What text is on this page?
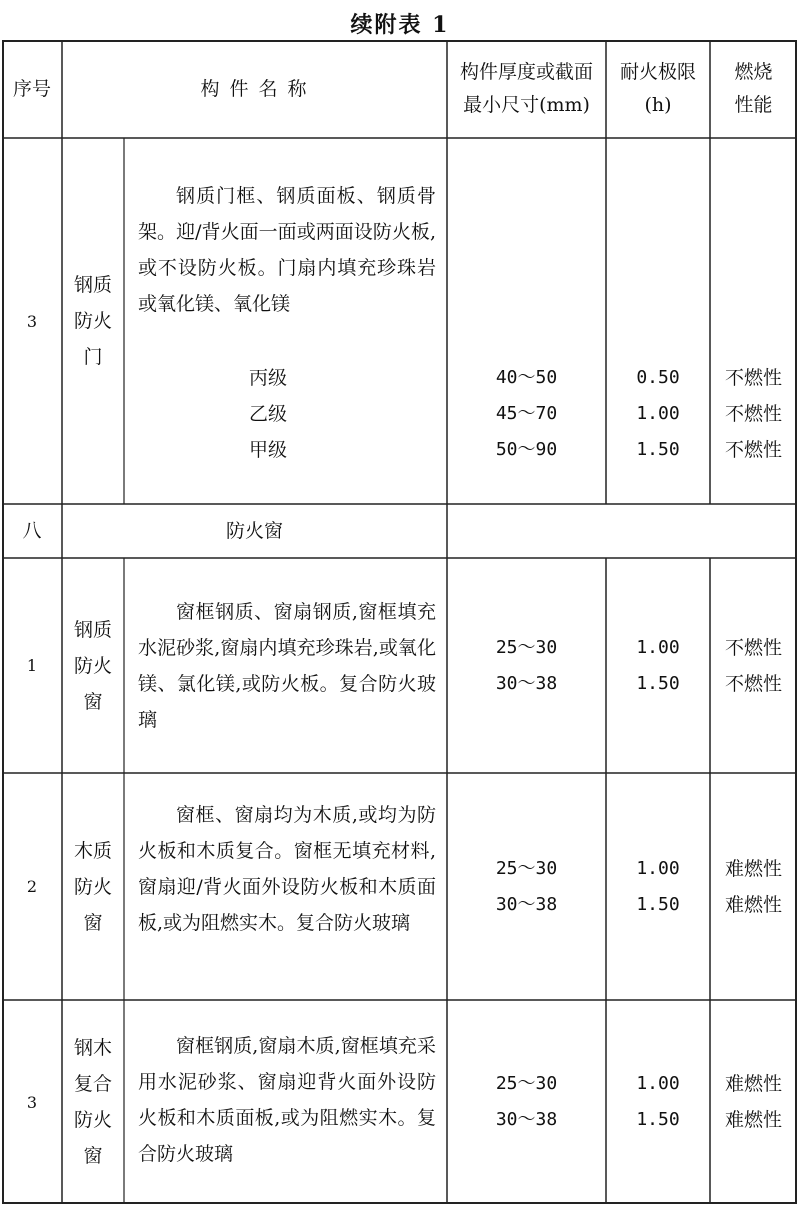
续附表 1
序号	构 件 名 称
构件厚度或截面最小尺寸(mm)
耐火极限(h)
燃烧性能
3
钢质防火门
钢质门框、钢质面板、钢质骨架。迎/背火面一面或两面设防火板,或不设防火板。门扇内填充珍珠岩或氧化镁、氧化镁
丙级
乙级
甲级
40～50
45～70
50～90
0.50
1.00
1.50
不燃性
不燃性
不燃性
八	防火窗
1
钢质防火窗
窗框钢质、窗扇钢质,窗框填充水泥砂浆,窗扇内填充珍珠岩,或氧化镁、氯化镁,或防火板。复合防火玻璃
25～30
30～38
1.00
1.50
不燃性
不燃性
2
木质防火窗
窗框、窗扇均为木质,或均为防火板和木质复合。窗框无填充材料,窗扇迎/背火面外设防火板和木质面板,或为阻燃实木。复合防火玻璃
25～30
30～38
1.00
1.50
难燃性
难燃性
3
钢木复合防火窗
窗框钢质,窗扇木质,窗框填充采用水泥砂浆、窗扇迎背火面外设防火板和木质面板,或为阻燃实木。复合防火玻璃
25～30
30～38
1.00
1.50
难燃性
难燃性
